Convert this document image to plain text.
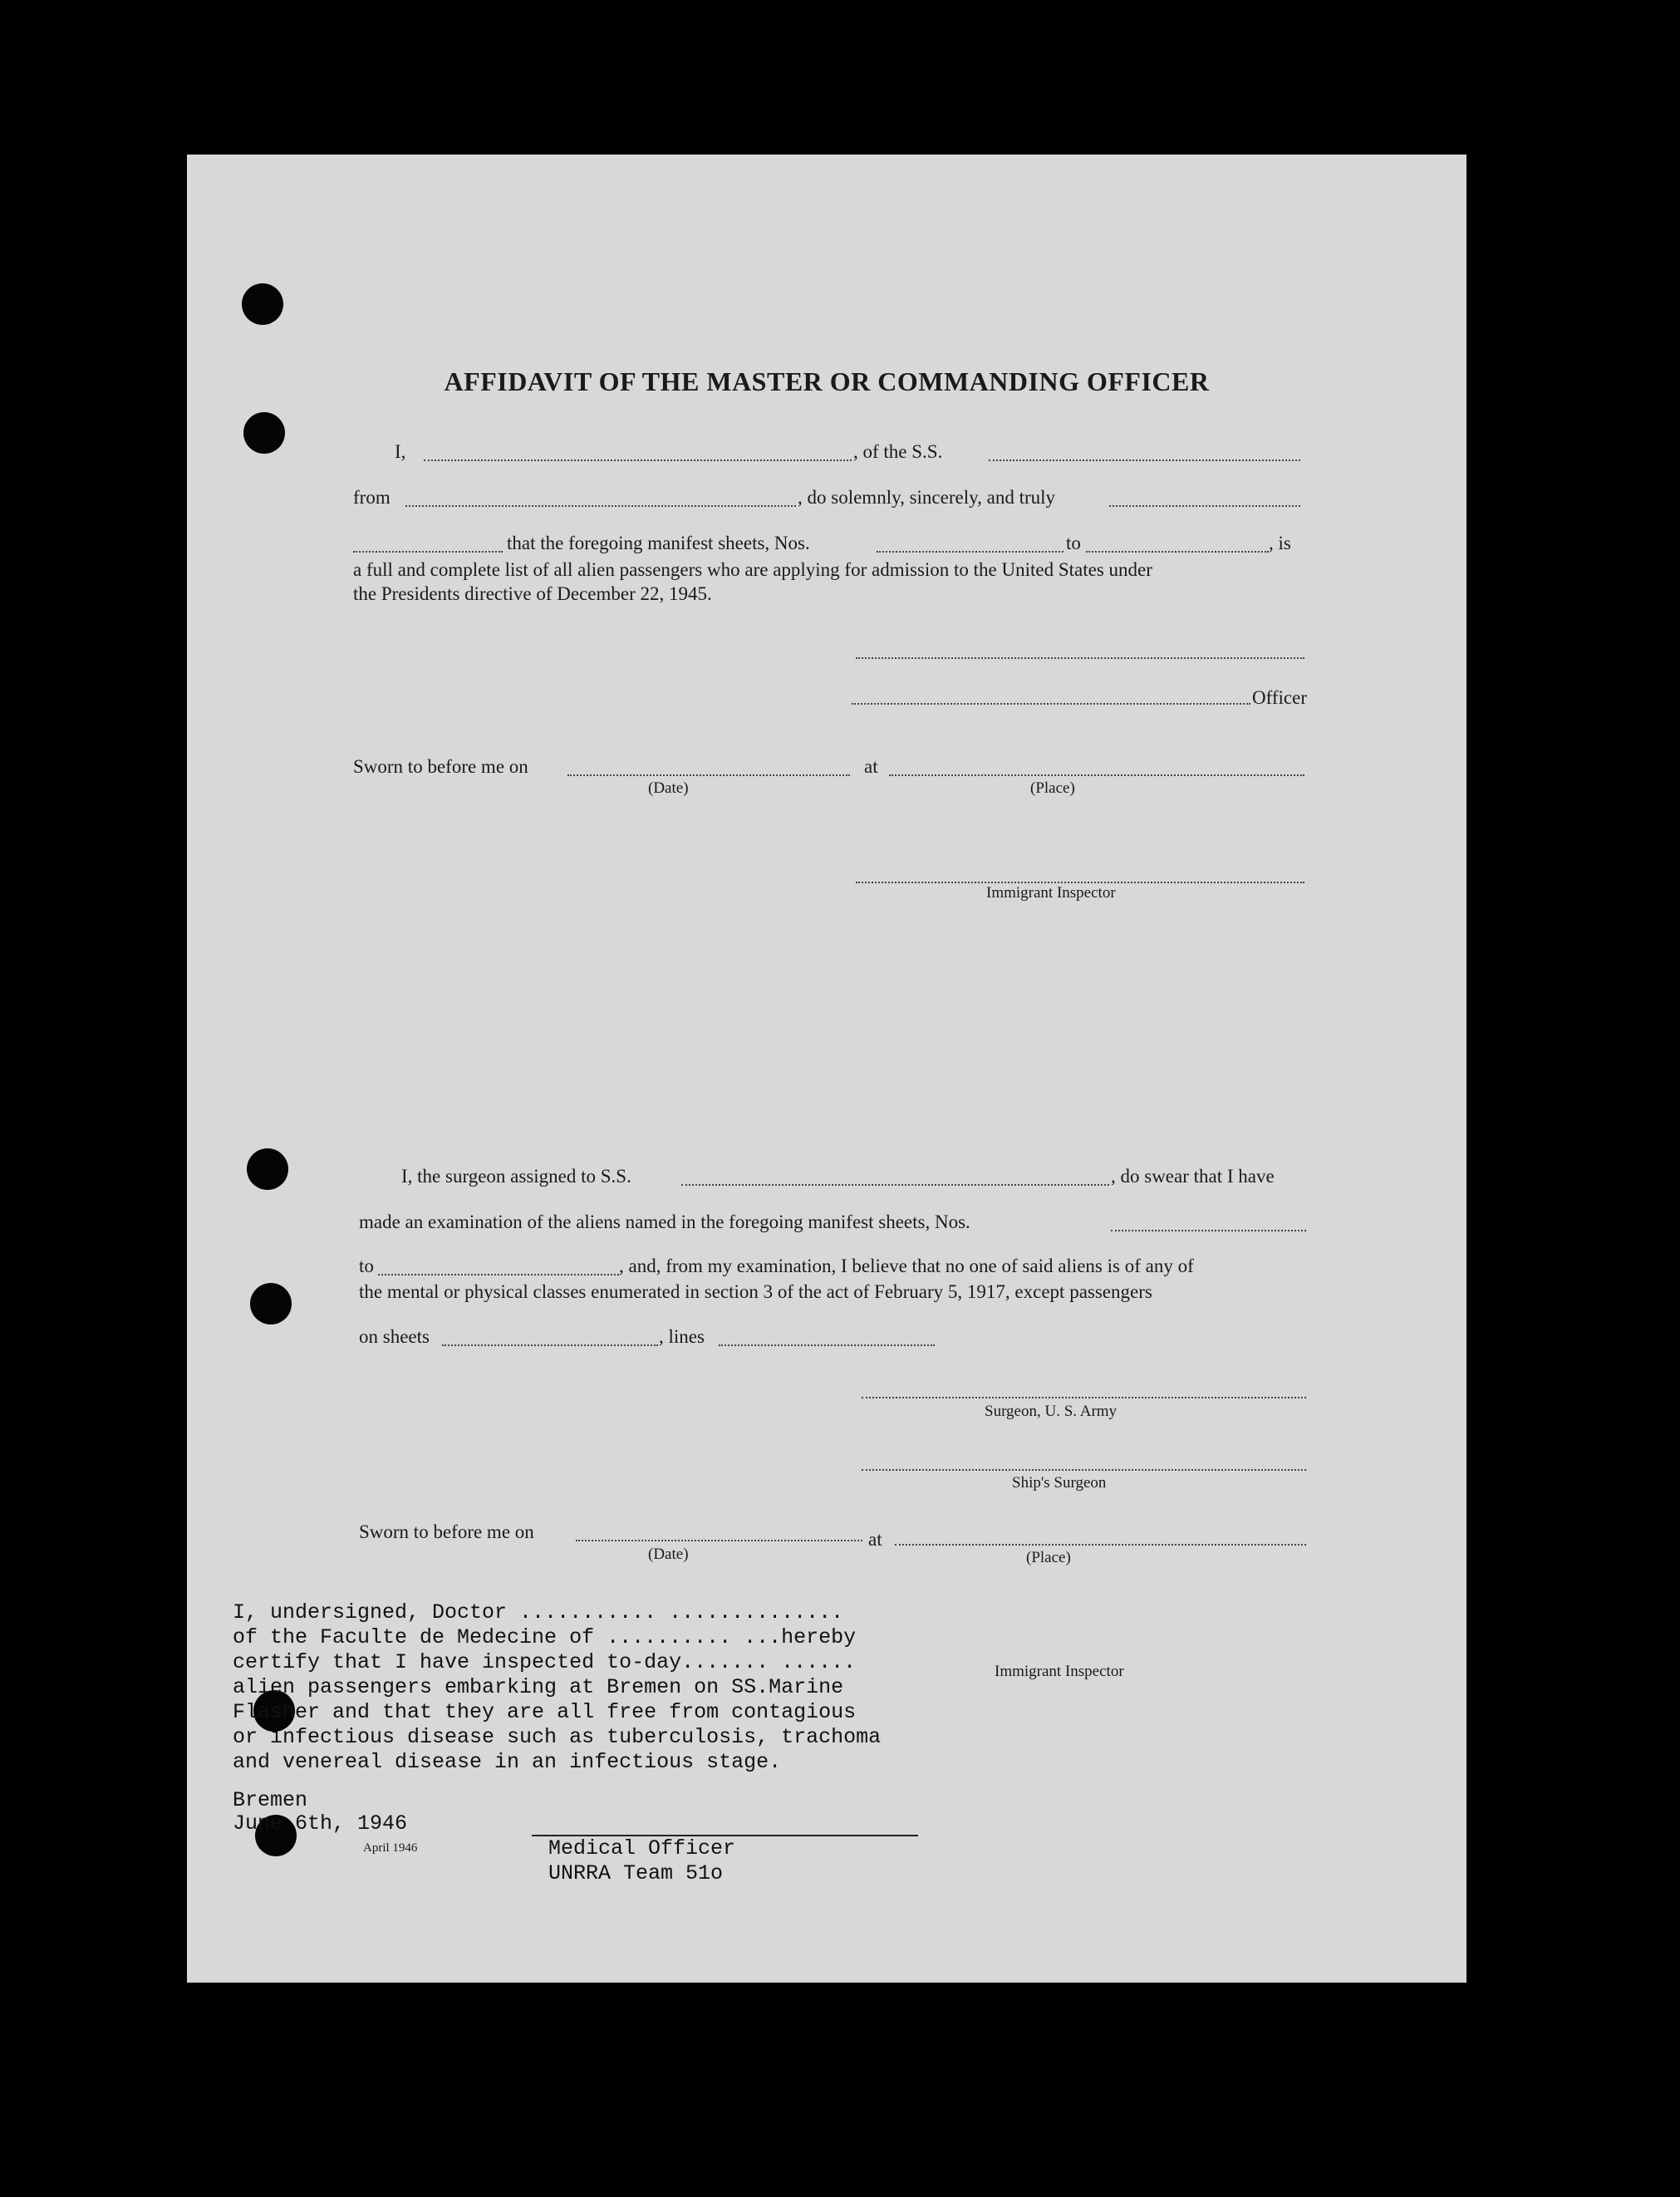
AFFIDAVIT OF THE MASTER OR COMMANDING OFFICER
I,	, of the S.S.
from	, do solemnly, sincerely, and truly
that the foregoing manifest sheets, Nos.	to	, is
a full and complete list of all alien passengers who are applying for admission to the United States under
the Presidents directive of December 22, 1945.
Officer
Sworn to before me on	at
(Date)	(Place)
Immigrant Inspector
I, the surgeon assigned to S.S.	, do swear that I have
made an examination of the aliens named in the foregoing manifest sheets, Nos.
to	, and, from my examination, I believe that no one of said aliens is of any of
the mental or physical classes enumerated in section 3 of the act of February 5, 1917, except passengers
on sheets	, lines
Surgeon, U. S. Army
Ship's Surgeon
Sworn to before me on	at
(Date)	(Place)
Immigrant Inspector
I, undersigned, Doctor ........... ..............
of the Faculte de Medecine of .......... ...hereby
certify that I have inspected to-day....... ......
alien passengers embarking at Bremen on SS.Marine
Flasher and that they are all free from contagious
or infectious disease such as tuberculosis, trachoma
and venereal disease in an infectious stage.
Bremen
June 6th, 1946
April 1946	Medical Officer
UNRRA Team 51o
